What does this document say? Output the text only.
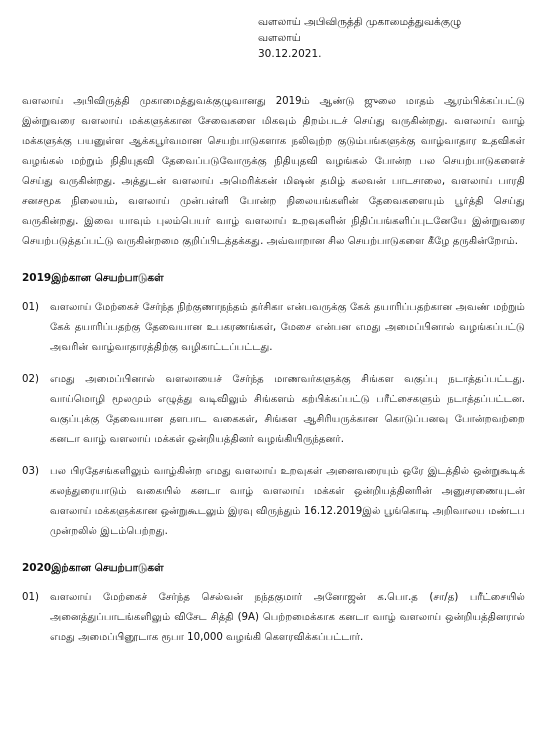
வளலாய் அபிவிருத்தி முகாமைத்துவக்குழு
வளலாய்
30.12.2021.

வளலாய் அபிவிருத்தி முகாமைத்துவக்குழுவானது 2019ம் ஆண்டு ஜுலை மாதம் ஆரம்பிக்கப்பட்டு இன்றுவரை வளலாய் மக்களுக்கான சேவைகளை மிகவும் திறம்படச் செய்து வருகின்றது. வளலாய் வாழ் மக்களுக்கு பயனுள்ள ஆக்கபூர்வமான செயற்பாடுகளாக நலிவுற்ற குடும்பங்களுக்கு வாழ்வாதார உதவிகள் வழங்கல் மற்றும் நிதியுதவி தேவைப்படுவோருக்கு நிதியுதவி வழங்கல் போன்ற பல செயற்பாடுகளைச் செய்து வருகின்றது. அத்துடன் வளலாய் அமெரிக்கன் மிஷன் தமிழ் கலவன் பாடசாலை, வளலாய் பாரதி சனசமூக நிலையம், வளலாய் முன்பள்ளி போன்ற நிலையங்களின் தேவைகளையும் பூர்த்தி செய்து வருகின்றது. இவை யாவும் புலம்பெயர் வாழ் வளலாய் உறவுகளின் நிதிப்பங்களிப்புடனேயே இன்றுவரை செயற்படுத்தப்பட்டு வருகின்றமை குறிப்பிடத்தக்கது. அவ்வாறான சில செயற்பாடுகளை கீழே தருகின்றோம்.

2019இற்கான செயற்பாடுகள்
01)	வளலாய் மேற்கைச் சேர்ந்த நிற்குணாநந்தம் தர்சிகா என்பவருக்கு கேக் தயாரிப்பதற்கான அவண் மற்றும் கேக் தயாரிப்பதற்கு தேவையான உபகரணங்கள், மேசை என்பன எமது அமைப்பினால் வழங்கப்பட்டு அவரின் வாழ்வாதாரத்திற்கு வழிகாட்டப்பட்டது.
02)	எமது அமைப்பினால் வளலாயைச் சேர்ந்த மாணவர்களுக்கு சிங்கள வகுப்பு நடாத்தப்பட்டது. வாய்மொழி மூலமும் எழுத்து வடிவிலும் சிங்களம் கற்பிக்கப்பட்டு பரீட்சைகளும் நடாத்தப்பட்டன. வகுப்புக்கு தேவையான தளபாட வகைகள், சிங்கள ஆசிரியருக்கான கொடுப்பனவு போன்றவற்றை கனடா வாழ் வளலாய் மக்கள் ஒன்றியத்தினர் வழங்கியிருந்தனர்.
03)	பல பிரதேசங்களிலும் வாழ்கின்ற எமது வளலாய் உறவுகள் அனைவரையும் ஒரே இடத்தில் ஒன்றுகூடிக் கலந்துரையாடும் வகையில் கனடா வாழ் வளலாய் மக்கள் ஒன்றியத்தினரின் அனுசரணையுடன் வளலாய் மக்களுக்கான ஒன்றுகூடலும் இரவு விருந்தும் 16.12.2019இல் பூங்கொடி அறிவாலய மண்டப முன்றலில் இடம்பெற்றது.
2020இற்கான செயற்பாடுகள்
01)	வளலாய் மேற்கைச் சேர்ந்த செல்வன் நந்தகுமார் அனோஜன் க.பொ.த (சா/த) பரீட்சையில் அனைத்துப்பாடங்களிலும் விசேட சித்தி (9A) பெற்றமைக்காக கனடா வாழ் வளலாய் ஒன்றியத்தினரால் எமது அமைப்பினூடாக ரூபா 10,000 வழங்கி கௌரவிக்கப்பட்டார்.
